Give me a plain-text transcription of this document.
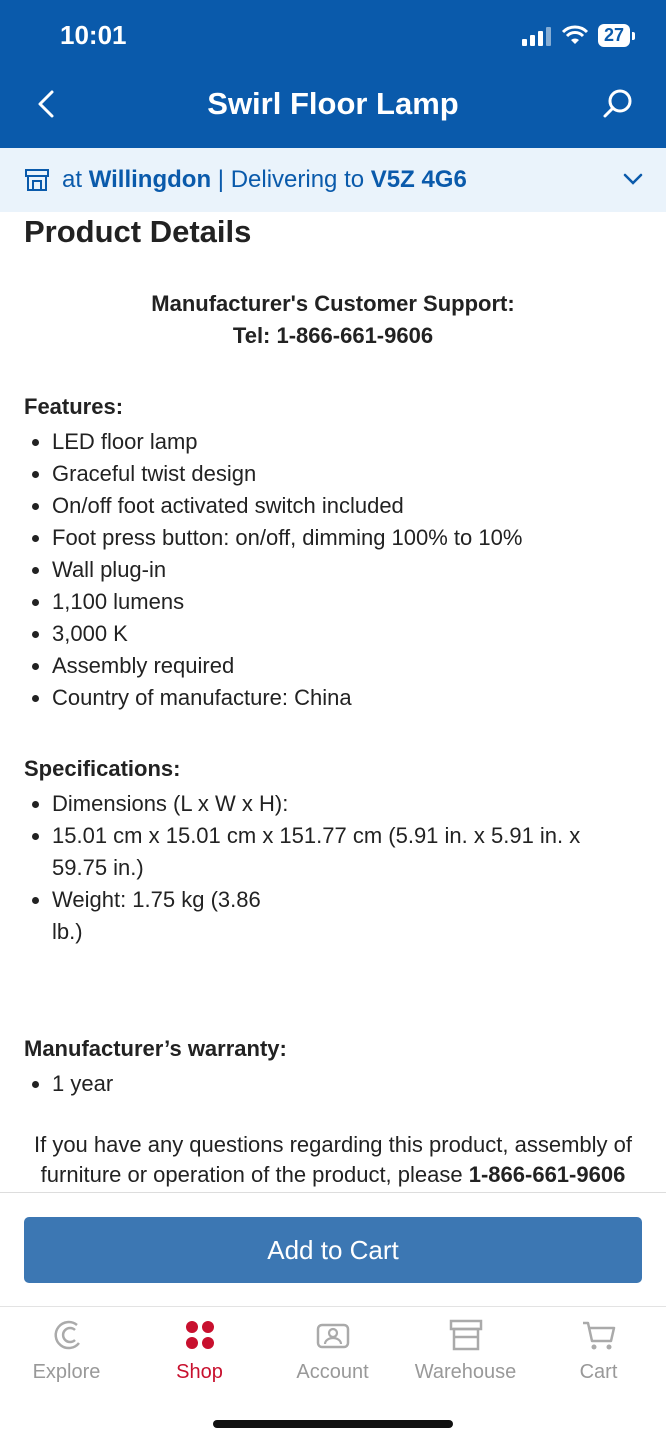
10:01	27
Swirl Floor Lamp
at
Willingdon
|
Delivering to
V5Z 4G6
Product Details
Manufacturer's Customer Support:
Tel: 1-866-661-9606
Features:
• LED floor lamp
• Graceful twist design
• On/off foot activated switch included
• Foot press button: on/off, dimming 100% to 10%
• Wall plug-in
• 1,100 lumens
• 3,000 K
• Assembly required
• Country of manufacture: China
Specifications:
• Dimensions (L x W x H):
• 15.01 cm x 15.01 cm x 151.77 cm (5.91 in. x 5.91 in. x 59.75 in.)
• Weight: 1.75 kg (3.86 lb.)
Manufacturer’s warranty:
• 1 year
If you have any questions regarding this product, assembly of furniture or operation of the product, please 1-866-661-9606
Add to Cart
Explore	Shop	Account	Warehouse	Cart
